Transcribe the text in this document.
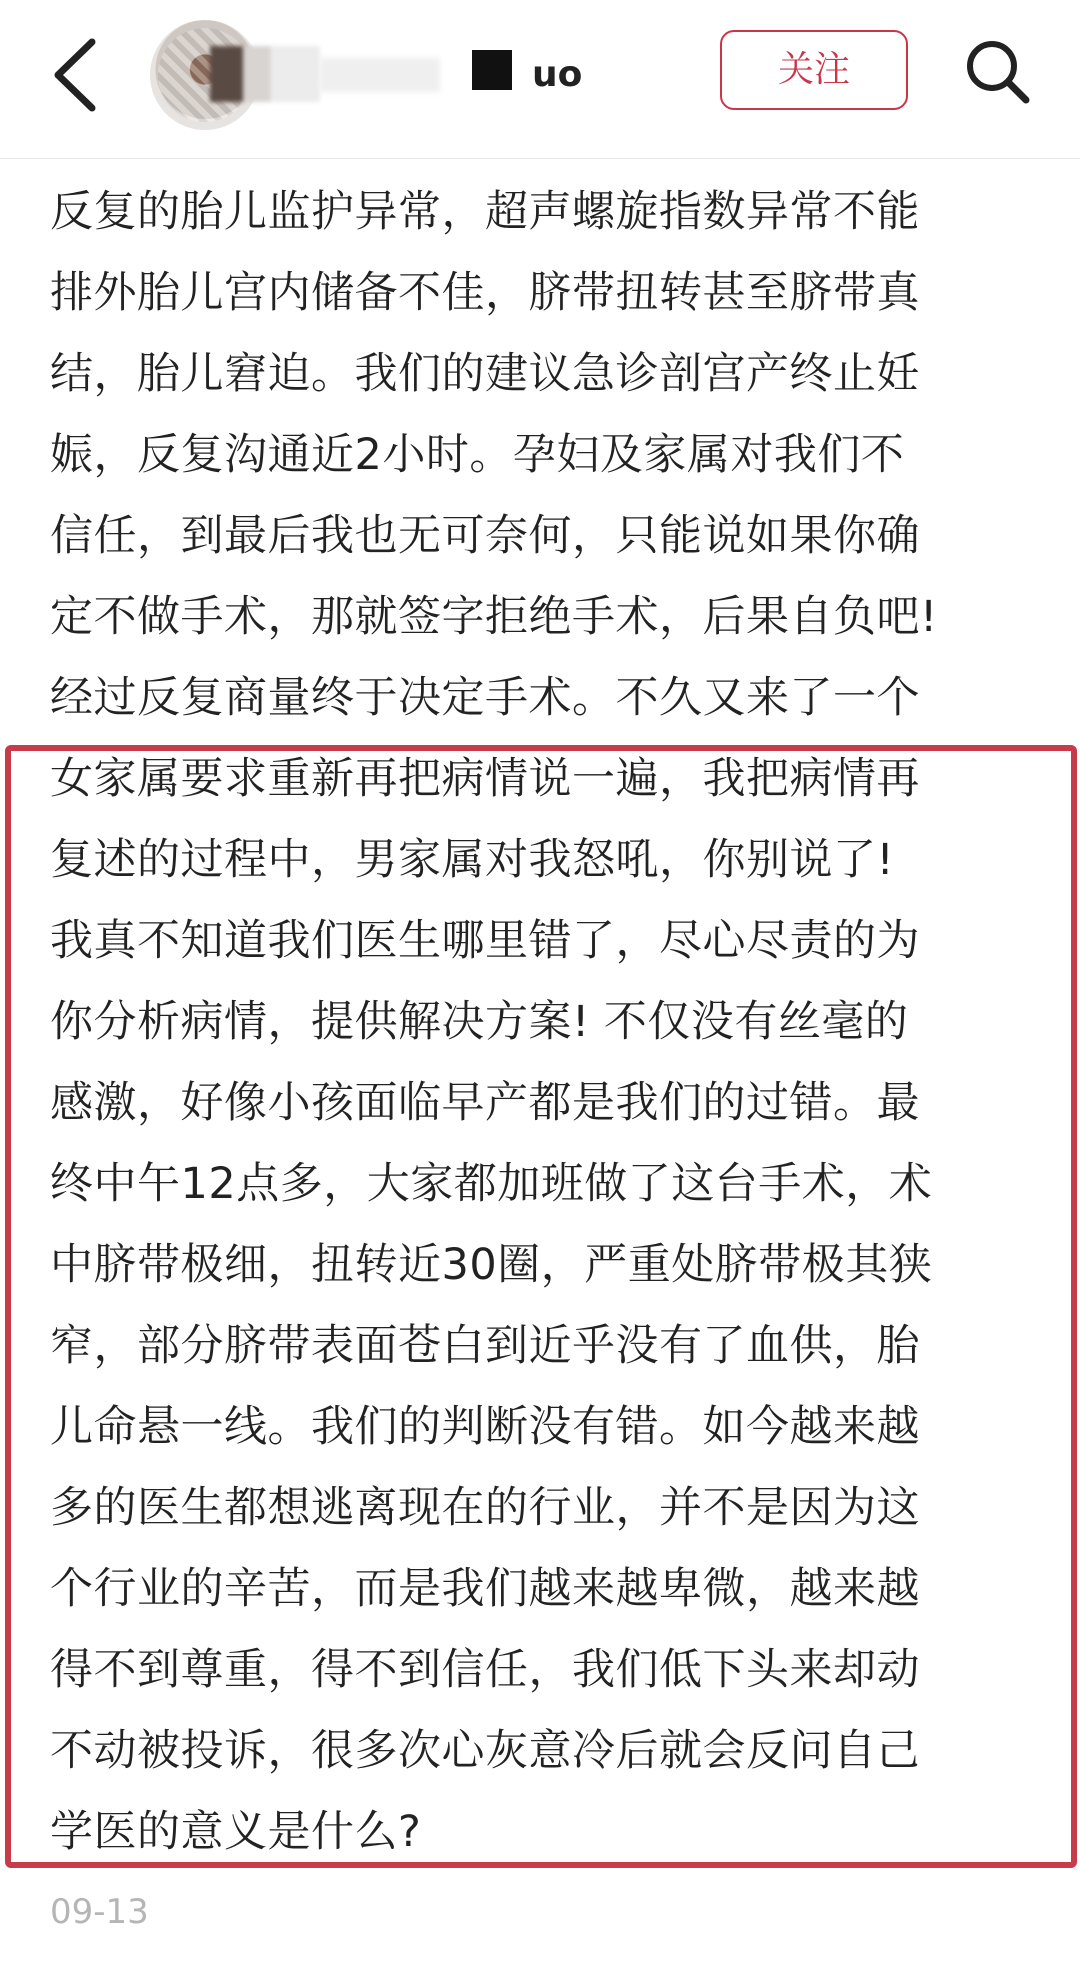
uo	关注

反复的胎儿监护异常，超声螺旋指数异常不能

排外胎儿宫内储备不佳，脐带扭转甚至脐带真

结，胎儿窘迫。我们的建议急诊剖宫产终止妊

娠，反复沟通近2小时。孕妇及家属对我们不

信任，到最后我也无可奈何，只能说如果你确

定不做手术，那就签字拒绝手术，后果自负吧!

经过反复商量终于决定手术。不久又来了一个

女家属要求重新再把病情说一遍，我把病情再

复述的过程中，男家属对我怒吼，你别说了!

我真不知道我们医生哪里错了，尽心尽责的为

你分析病情，提供解决方案! 不仅没有丝毫的

感激，好像小孩面临早产都是我们的过错。最

终中午12点多，大家都加班做了这台手术，术

中脐带极细，扭转近30圈，严重处脐带极其狭

窄，部分脐带表面苍白到近乎没有了血供，胎

儿命悬一线。我们的判断没有错。如今越来越

多的医生都想逃离现在的行业，并不是因为这

个行业的辛苦，而是我们越来越卑微，越来越

得不到尊重，得不到信任，我们低下头来却动

不动被投诉，很多次心灰意冷后就会反问自己

学医的意义是什么?

09-13
